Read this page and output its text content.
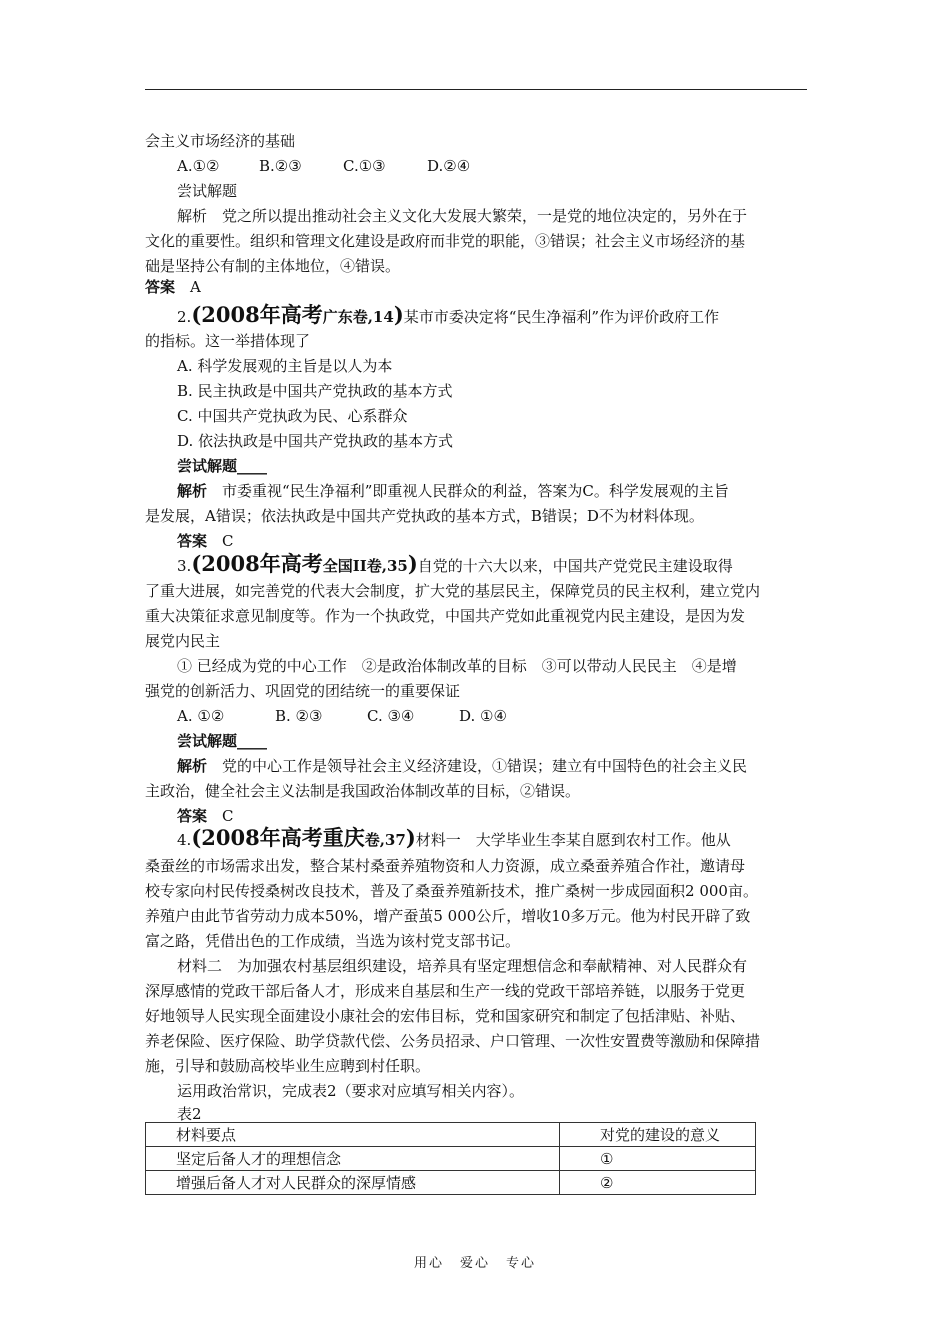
会主义市场经济的基础
A.①②	B.②③	C.①③	D.②④
尝试解题
解析　 党之所以提出推动社会主义文化大发展大繁荣，一是党的地位决定的，另外在于
文化的重要性。组织和管理文化建设是政府而非党的职能，③错误；社会主义市场经济的基
础是坚持公有制的主体地位，④错误。
答案　 A
2.(2008年高考广东卷,14)某市市委决定将“民生净福利”作为评价政府工作
的指标。这一举措体现了
A. 科学发展观的主旨是以人为本
B. 民主执政是中国共产党执政的基本方式
C. 中国共产党执政为民、心系群众
D. 依法执政是中国共产党执政的基本方式
尝试解题____
解析　 市委重视“民生净福利”即重视人民群众的利益，答案为C。科学发展观的主旨
是发展，A错误；依法执政是中国共产党执政的基本方式，B错误；D不为材料体现。
答案　 C
3.(2008年高考全国II卷,35)自党的十六大以来，中国共产党党民主建设取得
了重大进展，如完善党的代表大会制度，扩大党的基层民主，保障党员的民主权利，建立党内
重大决策征求意见制度等。作为一个执政党，中国共产党如此重视党内民主建设，是因为发
展党内民主
① 已经成为党的中心工作　②是政治体制改革的目标　③可以带动人民民主　④是增
强党的创新活力、巩固党的团结统一的重要保证
A. ①②	B. ②③	C. ③④	D. ①④
尝试解题____
解析　 党的中心工作是领导社会主义经济建设，①错误；建立有中国特色的社会主义民
主政治，健全社会主义法制是我国政治体制改革的目标，②错误。
答案　 C
4.(2008年高考重庆卷,37)材料一　大学毕业生李某自愿到农村工作。他从
桑蚕丝的市场需求出发，整合某村桑蚕养殖物资和人力资源，成立桑蚕养殖合作社，邀请母
校专家向村民传授桑树改良技术，普及了桑蚕养殖新技术，推广桑树一步成园面积2 000亩。
养殖户由此节省劳动力成本50%，增产蚕茧5 000公斤，增收10多万元。他为村民开辟了致
富之路，凭借出色的工作成绩，当选为该村党支部书记。
材料二　为加强农村基层组织建设，培养具有坚定理想信念和奉献精神、对人民群众有
深厚感情的党政干部后备人才，形成来自基层和生产一线的党政干部培养链，以服务于党更
好地领导人民实现全面建设小康社会的宏伟目标，党和国家研究和制定了包括津贴、补贴、
养老保险、医疗保险、助学贷款代偿、公务员招录、户口管理、一次性安置费等激励和保障措
施，引导和鼓励高校毕业生应聘到村任职。
运用政治常识，完成表2（要求对应填写相关内容）。
表2
材料要点	对党的建设的意义
坚定后备人才的理想信念	①
增强后备人才对人民群众的深厚情感	②
用心 爱心 专心
